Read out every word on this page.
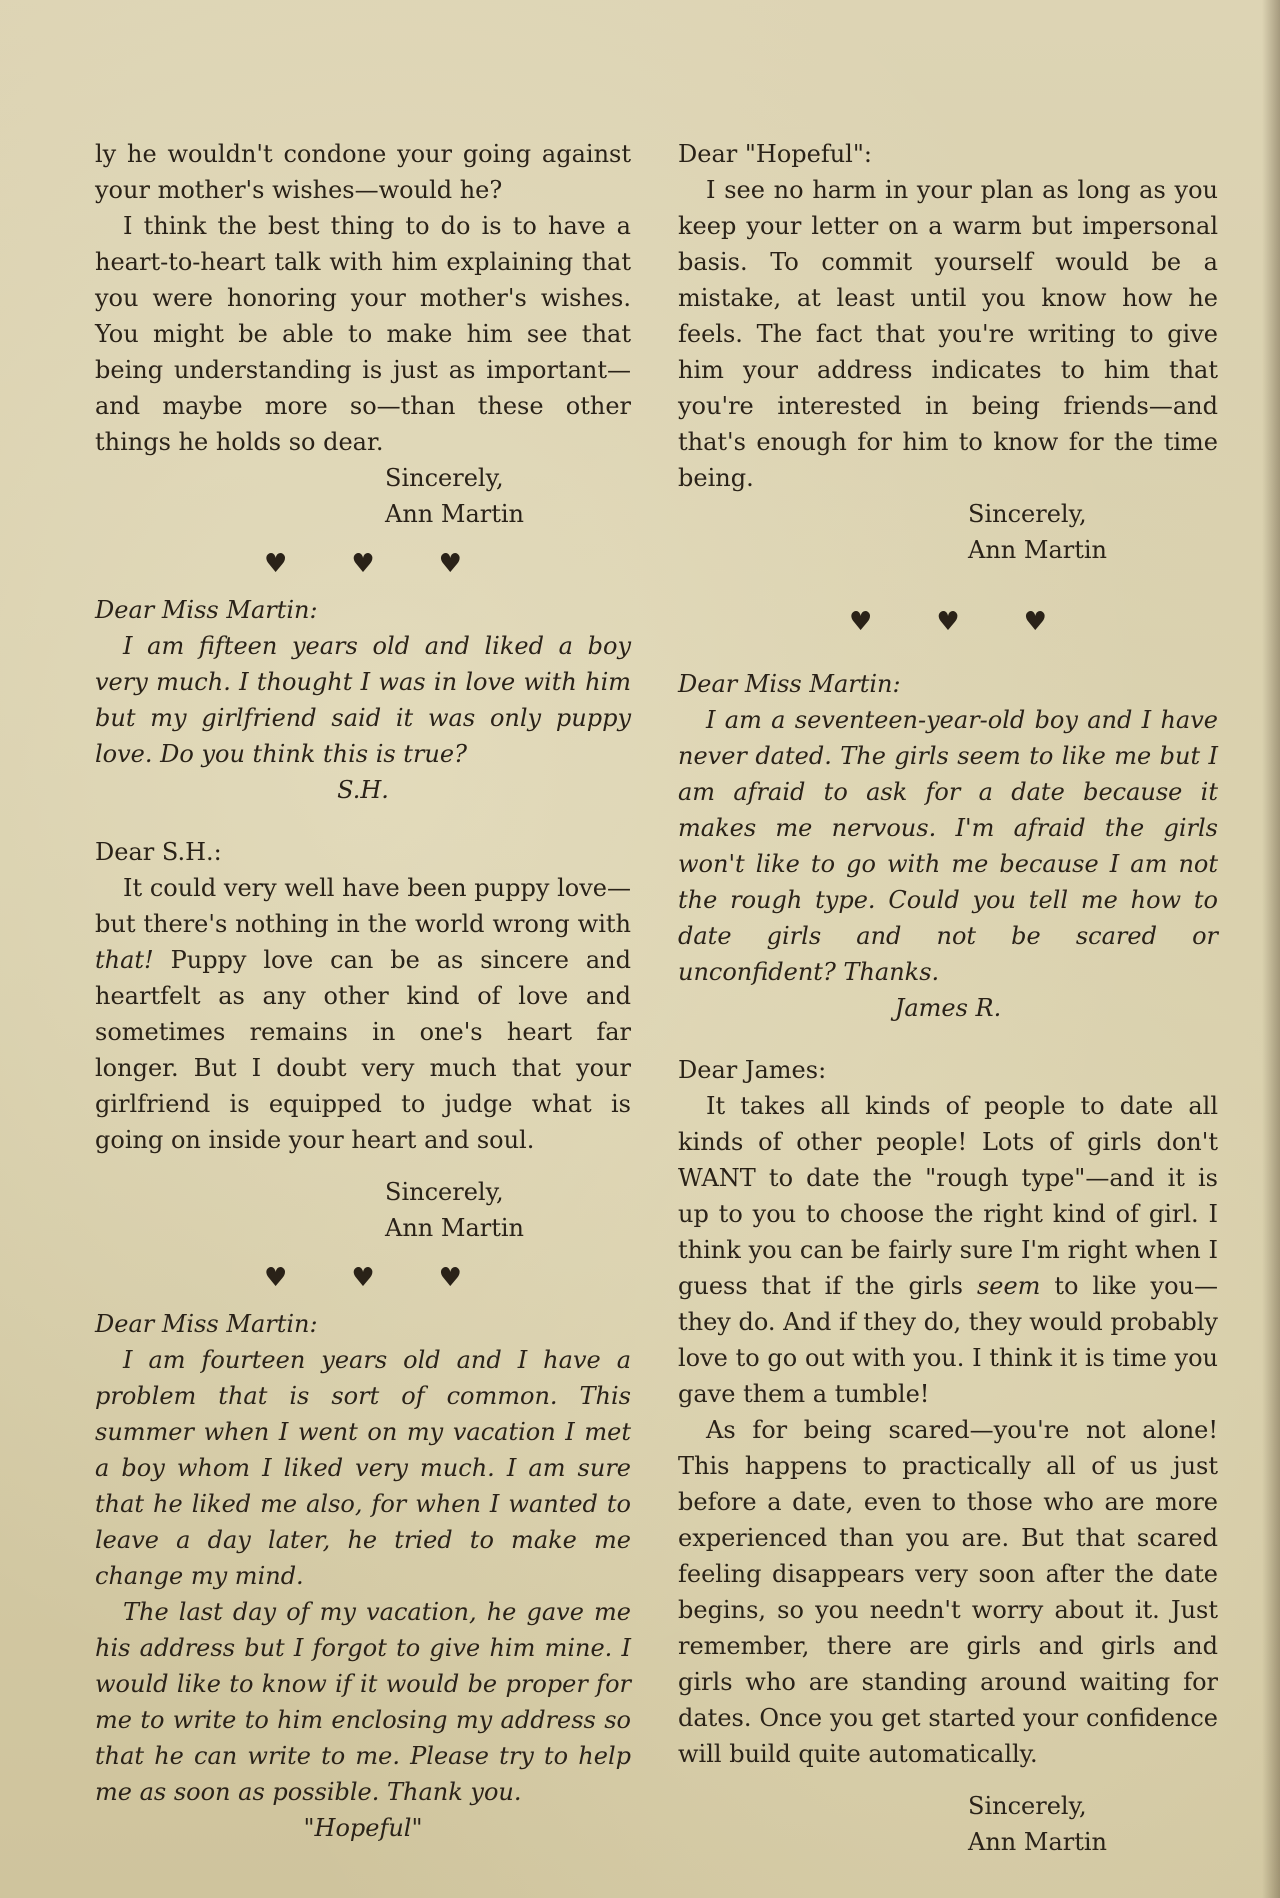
ly he wouldn't condone your going against your mother's wishes—would he?

I think the best thing to do is to have a heart-to-heart talk with him explaining that you were honoring your mother's wishes. You might be able to make him see that being understanding is just as important—and maybe more so—than these other things he holds so dear.

Sincerely,

Ann Martin

♥ ♥ ♥

Dear Miss Martin:

I am fifteen years old and liked a boy very much. I thought I was in love with him but my girlfriend said it was only puppy love. Do you think this is true?

S.H.

Dear S.H.:

It could very well have been puppy love—but there's nothing in the world wrong with that! Puppy love can be as sincere and heartfelt as any other kind of love and sometimes remains in one's heart far longer. But I doubt very much that your girlfriend is equipped to judge what is going on inside your heart and soul.

Sincerely,

Ann Martin

♥ ♥ ♥

Dear Miss Martin:

I am fourteen years old and I have a problem that is sort of common. This summer when I went on my vacation I met a boy whom I liked very much. I am sure that he liked me also, for when I wanted to leave a day later, he tried to make me change my mind.

The last day of my vacation, he gave me his address but I forgot to give him mine. I would like to know if it would be proper for me to write to him enclosing my address so that he can write to me. Please try to help me as soon as possible. Thank you.

"Hopeful"

Dear "Hopeful":

I see no harm in your plan as long as you keep your letter on a warm but impersonal basis. To commit yourself would be a mistake, at least until you know how he feels. The fact that you're writing to give him your address indicates to him that you're interested in being friends—and that's enough for him to know for the time being.

Sincerely,

Ann Martin

♥ ♥ ♥

Dear Miss Martin:

I am a seventeen-year-old boy and I have never dated. The girls seem to like me but I am afraid to ask for a date because it makes me nervous. I'm afraid the girls won't like to go with me because I am not the rough type. Could you tell me how to date girls and not be scared or unconfident? Thanks.

James R.

Dear James:

It takes all kinds of people to date all kinds of other people! Lots of girls don't WANT to date the "rough type"—and it is up to you to choose the right kind of girl. I think you can be fairly sure I'm right when I guess that if the girls seem to like you—they do. And if they do, they would probably love to go out with you. I think it is time you gave them a tumble!

As for being scared—you're not alone! This happens to practically all of us just before a date, even to those who are more experienced than you are. But that scared feeling disappears very soon after the date begins, so you needn't worry about it. Just remember, there are girls and girls and girls who are standing around waiting for dates. Once you get started your confidence will build quite automatically.

Sincerely,

Ann Martin
